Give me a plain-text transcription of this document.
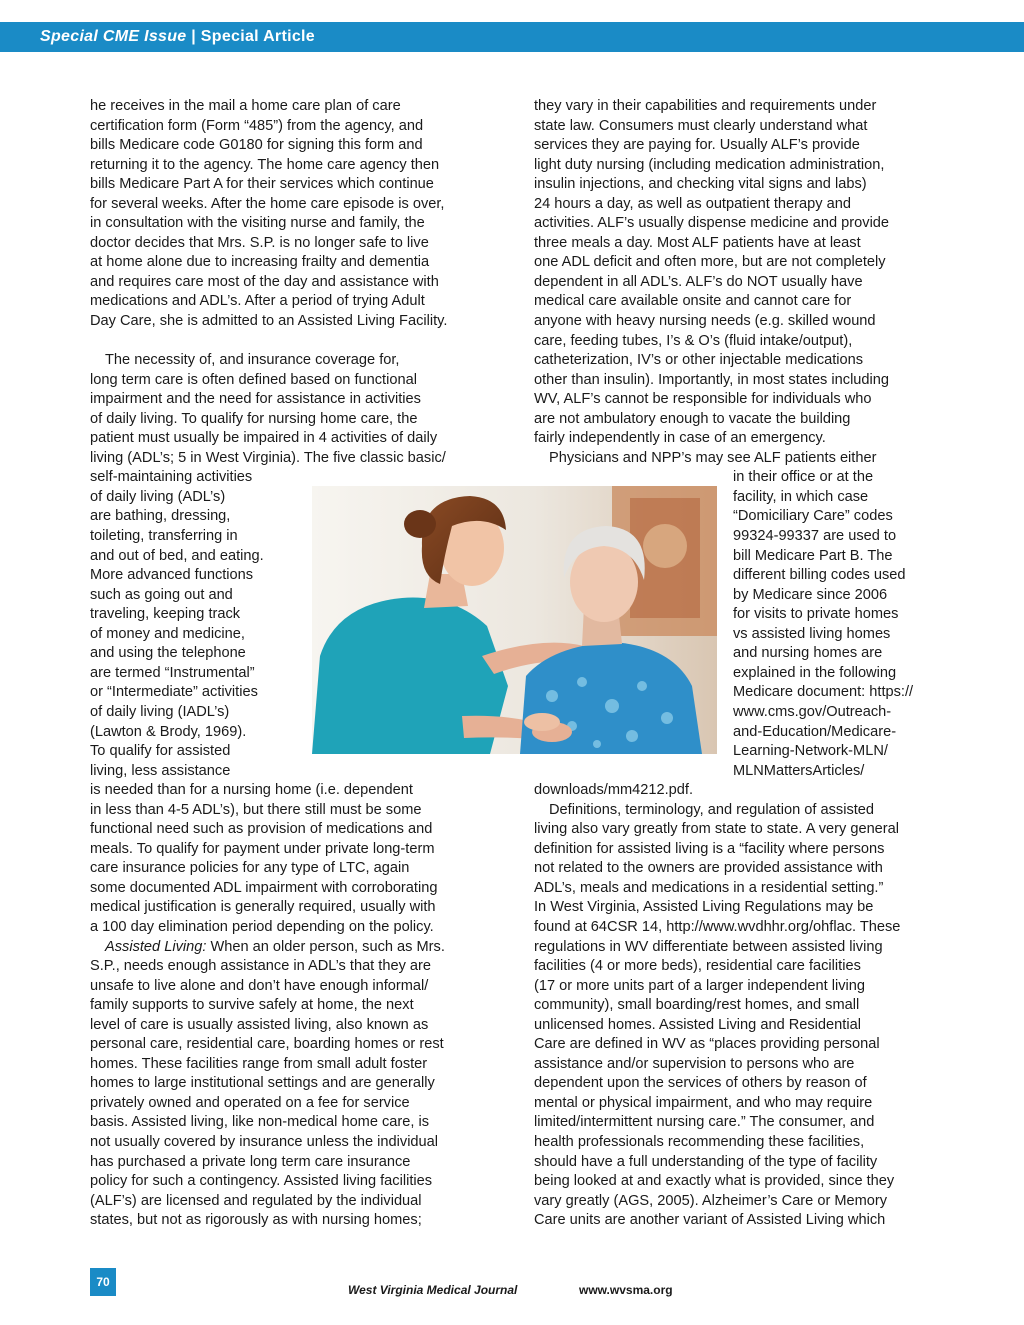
Special CME Issue | Special Article
he receives in the mail a home care plan of care
certification form (Form “485”) from the agency, and
bills Medicare code G0180 for signing this form and
returning it to the agency. The home care agency then
bills Medicare Part A for their services which continue
for several weeks. After the home care episode is over,
in consultation with the visiting nurse and family, the
doctor decides that Mrs. S.P. is no longer safe to live
at home alone due to increasing frailty and dementia
and requires care most of the day and assistance with
medications and ADL’s. After a period of trying Adult
Day Care, she is admitted to an Assisted Living Facility.
The necessity of, and insurance coverage for,
long term care is often defined based on functional
impairment and the need for assistance in activities
of daily living. To qualify for nursing home care, the
patient must usually be impaired in 4 activities of daily
living (ADL’s; 5 in West Virginia). The five classic basic/
self-maintaining activities
of daily living (ADL’s)
are bathing, dressing,
toileting, transferring in
and out of bed, and eating.
More advanced functions
such as going out and
traveling, keeping track
of money and medicine,
and using the telephone
are termed “Instrumental”
or “Intermediate” activities
of daily living (IADL’s)
(Lawton & Brody, 1969).
To qualify for assisted
living, less assistance
is needed than for a nursing home (i.e. dependent
in less than 4-5 ADL’s), but there still must be some
functional need such as provision of medications and
meals. To qualify for payment under private long-term
care insurance policies for any type of LTC, again
some documented ADL impairment with corroborating
medical justification is generally required, usually with
a 100 day elimination period depending on the policy.
Assisted Living: When an older person, such as Mrs.
S.P., needs enough assistance in ADL’s that they are
unsafe to live alone and don’t have enough informal/
family supports to survive safely at home, the next
level of care is usually assisted living, also known as
personal care, residential care, boarding homes or rest
homes. These facilities range from small adult foster
homes to large institutional settings and are generally
privately owned and operated on a fee for service
basis. Assisted living, like non-medical home care, is
not usually covered by insurance unless the individual
has purchased a private long term care insurance
policy for such a contingency. Assisted living facilities
(ALF’s) are licensed and regulated by the individual
states, but not as rigorously as with nursing homes;
they vary in their capabilities and requirements under
state law. Consumers must clearly understand what
services they are paying for. Usually ALF’s provide
light duty nursing (including medication administration,
insulin injections, and checking vital signs and labs)
24 hours a day, as well as outpatient therapy and
activities. ALF’s usually dispense medicine and provide
three meals a day. Most ALF patients have at least
one ADL deficit and often more, but are not completely
dependent in all ADL’s. ALF’s do NOT usually have
medical care available onsite and cannot care for
anyone with heavy nursing needs (e.g. skilled wound
care, feeding tubes, I’s & O’s (fluid intake/output),
catheterization, IV’s or other injectable medications
other than insulin). Importantly, in most states including
WV, ALF’s cannot be responsible for individuals who
are not ambulatory enough to vacate the building
fairly independently in case of an emergency.
Physicians and NPP’s may see ALF patients either
in their office or at the
facility, in which case
“Domiciliary Care” codes
99324-99337 are used to
bill Medicare Part B. The
different billing codes used
by Medicare since 2006
for visits to private homes
vs assisted living homes
and nursing homes are
explained in the following
Medicare document: https://
www.cms.gov/Outreach-
and-Education/Medicare-
Learning-Network-MLN/
MLNMattersArticles/
downloads/mm4212.pdf.
Definitions, terminology, and regulation of assisted
living also vary greatly from state to state. A very general
definition for assisted living is a “facility where persons
not related to the owners are provided assistance with
ADL’s, meals and medications in a residential setting.”
In West Virginia, Assisted Living Regulations may be
found at 64CSR 14, http://www.wvdhhr.org/ohflac. These
regulations in WV differentiate between assisted living
facilities (4 or more beds), residential care facilities
(17 or more units part of a larger independent living
community), small boarding/rest homes, and small
unlicensed homes. Assisted Living and Residential
Care are defined in WV as “places providing personal
assistance and/or supervision to persons who are
dependent upon the services of others by reason of
mental or physical impairment, and who may require
limited/intermittent nursing care.” The consumer, and
health professionals recommending these facilities,
should have a full understanding of the type of facility
being looked at and exactly what is provided, since they
vary greatly (AGS, 2005). Alzheimer’s Care or Memory
Care units are another variant of Assisted Living which
70
West Virginia Medical Journal	www.wvsma.org
